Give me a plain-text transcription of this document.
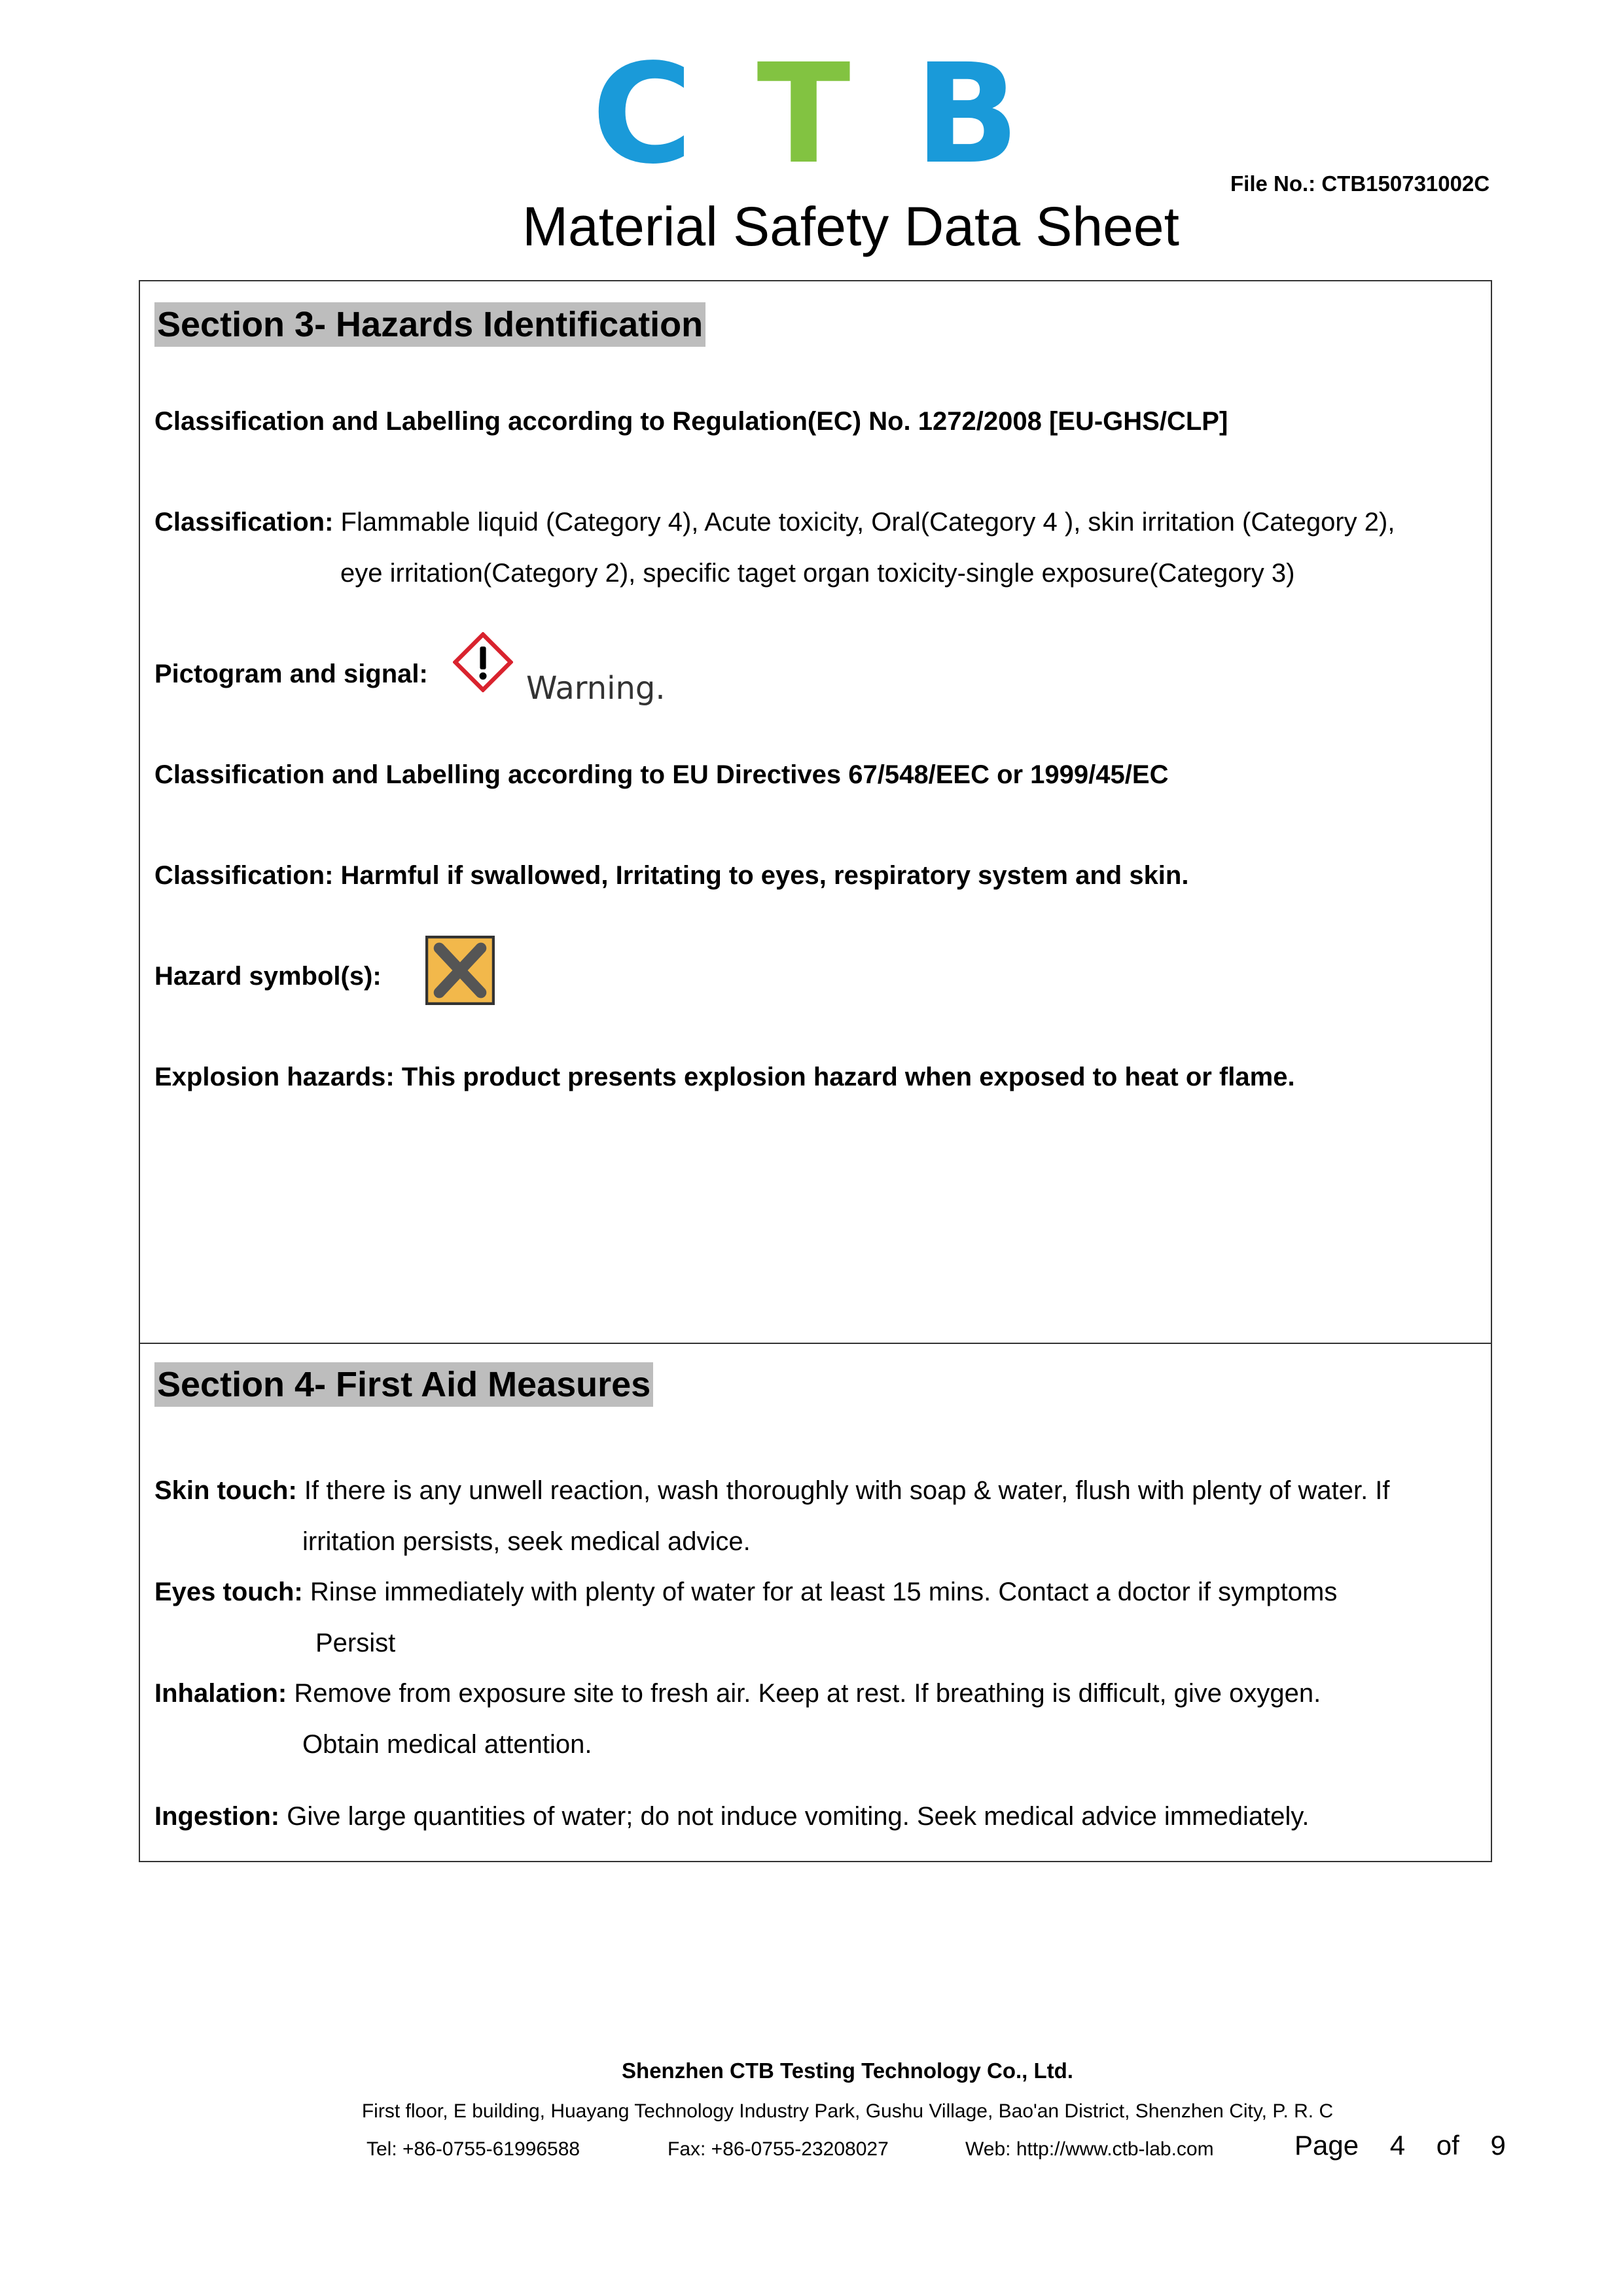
C T B	File No.: CTB150731002C
Material Safety Data Sheet
Section 3- Hazards Identification
Classification and Labelling according to Regulation(EC) No. 1272/2008 [EU-GHS/CLP]
Classification: Flammable liquid (Category 4), Acute toxicity, Oral(Category 4 ), skin irritation (Category 2),
eye irritation(Category 2), specific taget organ toxicity-single exposure(Category 3)
Pictogram and signal:	Warning.
Classification and Labelling according to EU Directives 67/548/EEC or 1999/45/EC
Classification: Harmful if swallowed, Irritating to eyes, respiratory system and skin.
Hazard symbol(s):
Explosion hazards: This product presents explosion hazard when exposed to heat or flame.
Section 4- First Aid Measures
Skin touch: If there is any unwell reaction, wash thoroughly with soap & water, flush with plenty of water. If
irritation persists, seek medical advice.
Eyes touch: Rinse immediately with plenty of water for at least 15 mins. Contact a doctor if symptoms
Persist
Inhalation: Remove from exposure site to fresh air. Keep at rest. If breathing is difficult, give oxygen.
Obtain medical attention.
Ingestion: Give large quantities of water; do not induce vomiting. Seek medical advice immediately.
Shenzhen CTB Testing Technology Co., Ltd.
First floor, E building, Huayang Technology Industry Park, Gushu Village, Bao'an District, Shenzhen City, P. R. C
Tel: +86-0755-61996588	Fax: +86-0755-23208027	Web: http://www.ctb-lab.com	Page 4 of 9
